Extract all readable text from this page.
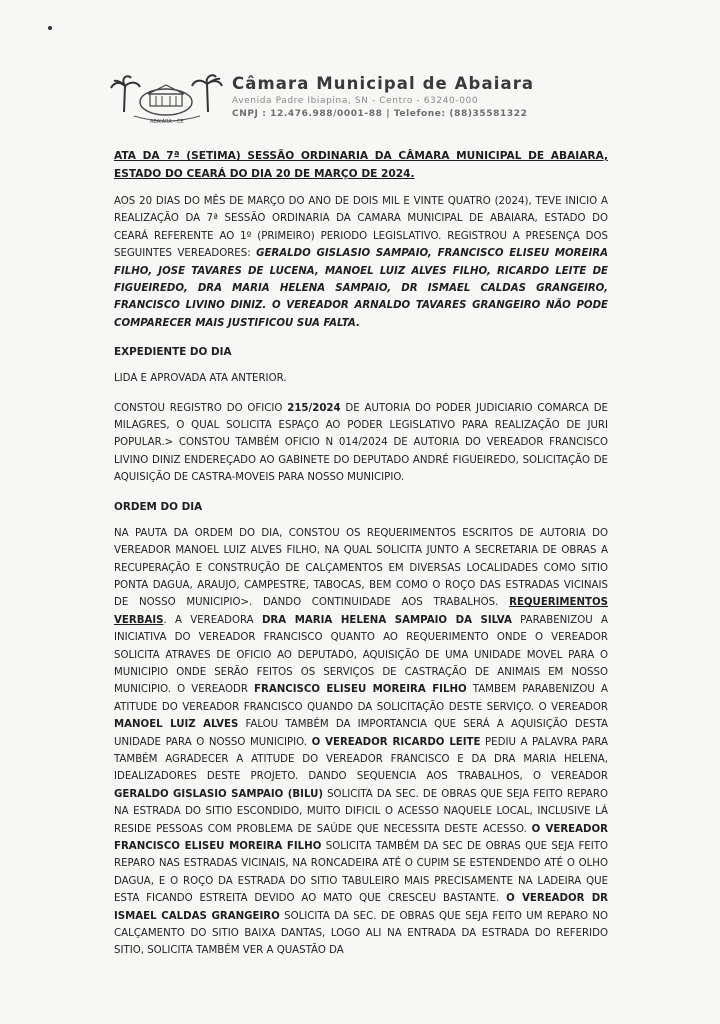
ABAIARA - CE
Câmara Municipal de Abaiara
Avenida Padre Ibiapina, SN - Centro - 63240-000
CNPJ : 12.476.988/0001-88 | Telefone: (88)35581322
ATA DA 7ª (SETIMA) SESSÃO ORDINARIA DA CÂMARA MUNICIPAL DE ABAIARA, ESTADO DO CEARÁ DO DIA 20 DE MARÇO DE 2024.

AOS 20 DIAS DO MÊS DE MARÇO DO ANO DE DOIS MIL E VINTE QUATRO (2024), TEVE INICIO A REALIZAÇÃO DA 7ª SESSÃO ORDINARIA DA CAMARA MUNICIPAL DE ABAIARA, ESTADO DO CEARÁ REFERENTE AO 1º (PRIMEIRO) PERIODO LEGISLATIVO. REGISTROU A PRESENÇA DOS SEGUINTES VEREADORES: GERALDO GISLASIO SAMPAIO, FRANCISCO ELISEU MOREIRA FILHO, JOSE TAVARES DE LUCENA, MANOEL LUIZ ALVES FILHO, RICARDO LEITE DE FIGUEIREDO, DRA MARIA HELENA SAMPAIO, DR ISMAEL CALDAS GRANGEIRO, FRANCISCO LIVINO DINIZ. O VEREADOR ARNALDO TAVARES GRANGEIRO NÃO PODE COMPARECER MAIS JUSTIFICOU SUA FALTA.

EXPEDIENTE DO DIA

LIDA E APROVADA ATA ANTERIOR.

CONSTOU REGISTRO DO OFICIO 215/2024 DE AUTORIA DO PODER JUDICIARIO COMARCA DE MILAGRES, O QUAL SOLICITA ESPAÇO AO PODER LEGISLATIVO PARA REALIZAÇÃO DE JURI POPULAR.> CONSTOU TAMBÉM OFICIO N 014/2024 DE AUTORIA DO VEREADOR FRANCISCO LIVINO DINIZ ENDEREÇADO AO GABINETE DO DEPUTADO ANDRÉ FIGUEIREDO, SOLICITAÇÃO DE AQUISIÇÃO DE CASTRA-MOVEIS PARA NOSSO MUNICIPIO.

ORDEM DO DIA

NA PAUTA DA ORDEM DO DIA, CONSTOU OS REQUERIMENTOS ESCRITOS DE AUTORIA DO VEREADOR MANOEL LUIZ ALVES FILHO, NA QUAL SOLICITA JUNTO A SECRETARIA DE OBRAS A RECUPERAÇÃO E CONSTRUÇÃO DE CALÇAMENTOS EM DIVERSAS LOCALIDADES COMO SITIO PONTA DAGUA, ARAUJO, CAMPESTRE, TABOCAS, BEM COMO O ROÇO DAS ESTRADAS VICINAIS DE NOSSO MUNICIPIO>. DANDO CONTINUIDADE AOS TRABALHOS. REQUERIMENTOS VERBAIS. A VEREADORA DRA MARIA HELENA SAMPAIO DA SILVA PARABENIZOU A INICIATIVA DO VEREADOR FRANCISCO QUANTO AO REQUERIMENTO ONDE O VEREADOR SOLICITA ATRAVES DE OFICIO AO DEPUTADO, AQUISIÇÃO DE UMA UNIDADE MOVEL PARA O MUNICIPIO ONDE SERÃO FEITOS OS SERVIÇOS DE CASTRAÇÃO DE ANIMAIS EM NOSSO MUNICIPIO. O VEREAODR FRANCISCO ELISEU MOREIRA FILHO TAMBEM PARABENIZOU A ATITUDE DO VEREADOR FRANCISCO QUANDO DA SOLICITAÇÃO DESTE SERVIÇO. O VEREADOR MANOEL LUIZ ALVES FALOU TAMBÉM DA IMPORTANCIA QUE SERÁ A AQUISIÇÃO DESTA UNIDADE PARA O NOSSO MUNICIPIO. O VEREADOR RICARDO LEITE PEDIU A PALAVRA PARA TAMBÉM AGRADECER A ATITUDE DO VEREADOR FRANCISCO E DA DRA MARIA HELENA, IDEALIZADORES DESTE PROJETO. DANDO SEQUENCIA AOS TRABALHOS, O VEREADOR GERALDO GISLASIO SAMPAIO (BILU) SOLICITA DA SEC. DE OBRAS QUE SEJA FEITO REPARO NA ESTRADA DO SITIO ESCONDIDO, MUITO DIFICIL O ACESSO NAQUELE LOCAL, INCLUSIVE LÁ RESIDE PESSOAS COM PROBLEMA DE SAÚDE QUE NECESSITA DESTE ACESSO. O VEREADOR FRANCISCO ELISEU MOREIRA FILHO SOLICITA TAMBÉM DA SEC DE OBRAS QUE SEJA FEITO REPARO NAS ESTRADAS VICINAIS, NA RONCADEIRA ATÉ O CUPIM SE ESTENDENDO ATÉ O OLHO DAGUA, E O ROÇO DA ESTRADA DO SITIO TABULEIRO MAIS PRECISAMENTE NA LADEIRA QUE ESTA FICANDO ESTREITA DEVIDO AO MATO QUE CRESCEU BASTANTE. O VEREADOR DR ISMAEL CALDAS GRANGEIRO SOLICITA DA SEC. DE OBRAS QUE SEJA FEITO UM REPARO NO CALÇAMENTO DO SITIO BAIXA DANTAS, LOGO ALI NA ENTRADA DA ESTRADA DO REFERIDO SITIO, SOLICITA TAMBÉM VER A QUASTÃO DA
